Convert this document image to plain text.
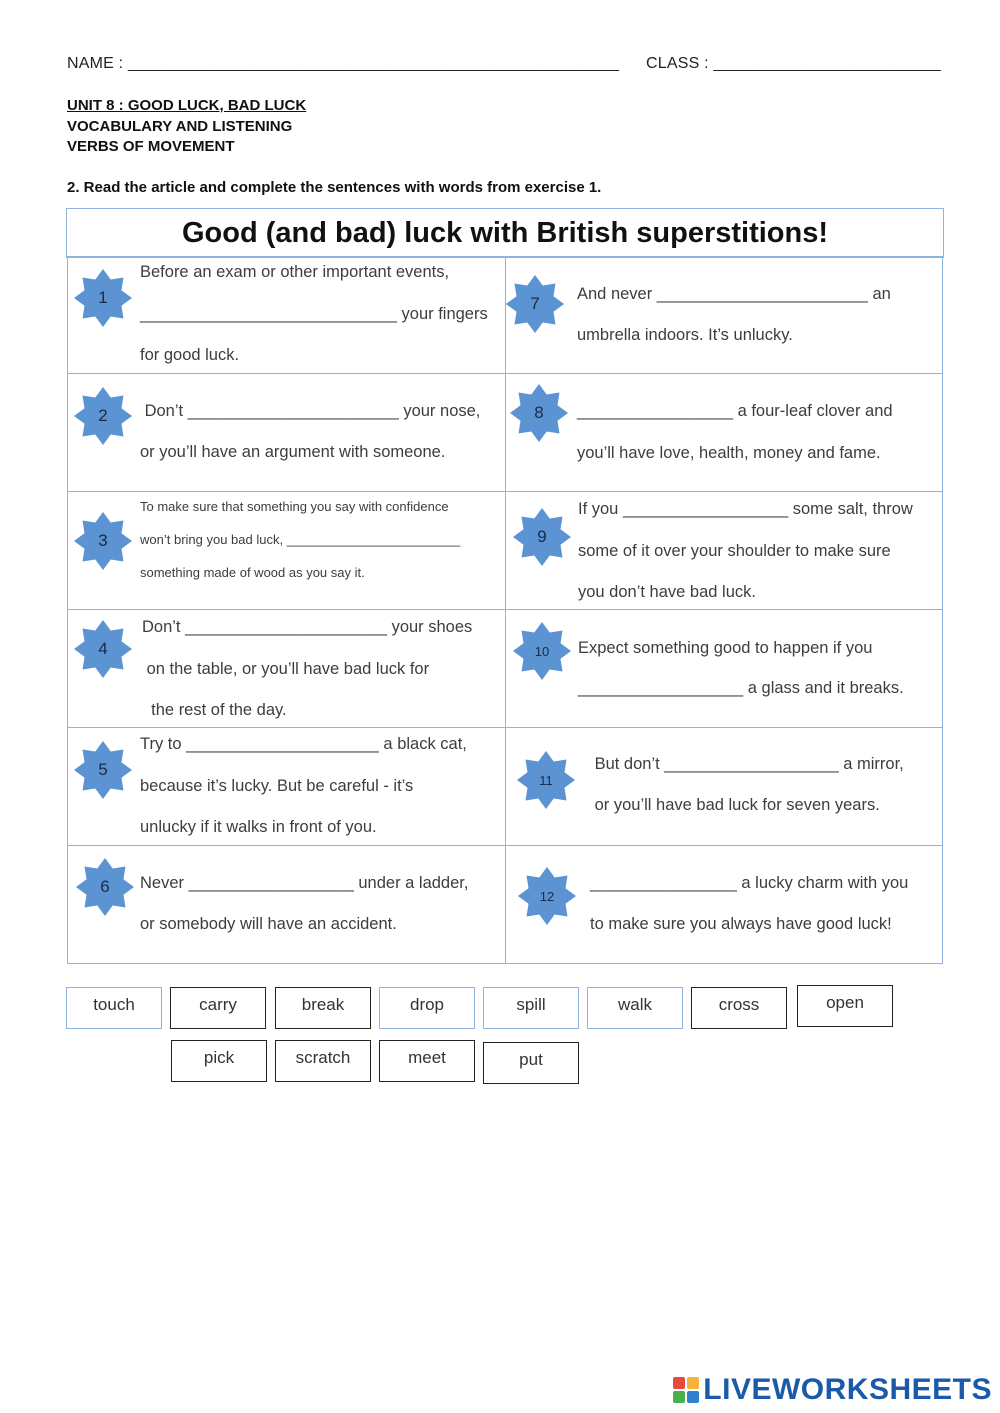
NAME : ______________________________________________________ CLASS : _________________________
UNIT 8 : GOOD LUCK, BAD LUCK
VOCABULARY AND LISTENING
VERBS OF MOVEMENT
2. Read the article and complete the sentences with words from exercise 1.
Good (and bad) luck with British superstitions!
1
Before an exam or other important events,
____________________________ your fingers
for good luck.
7 And never _______________________ an
umbrella indoors. It’s unlucky.
2 Don’t _______________________ your nose,
or you’ll have an argument with someone.
8 _________________ a four-leaf clover and
you’ll have love, health, money and fame.
3
To make sure that something you say with confidence
won’t bring you bad luck, ________________________
something made of wood as you say it.
9
If you __________________ some salt, throw
some of it over your shoulder to make sure
you don’t have bad luck.
4
Don’t ______________________ your shoes
on the table, or you’ll have bad luck for
the rest of the day.
10 Expect something good to happen if you
__________________ a glass and it breaks.
5
Try to _____________________ a black cat,
because it’s lucky. But be careful - it’s
unlucky if it walks in front of you.
11
But don’t ___________________ a mirror,
or you’ll have bad luck for seven years.
6 Never __________________ under a ladder,
or somebody will have an accident.
12
________________ a lucky charm with you
to make sure you always have good luck!
touch	carry	break	drop	spill	walk	cross	open
pick	scratch	meet	put
LIVEWORKSHEETS
